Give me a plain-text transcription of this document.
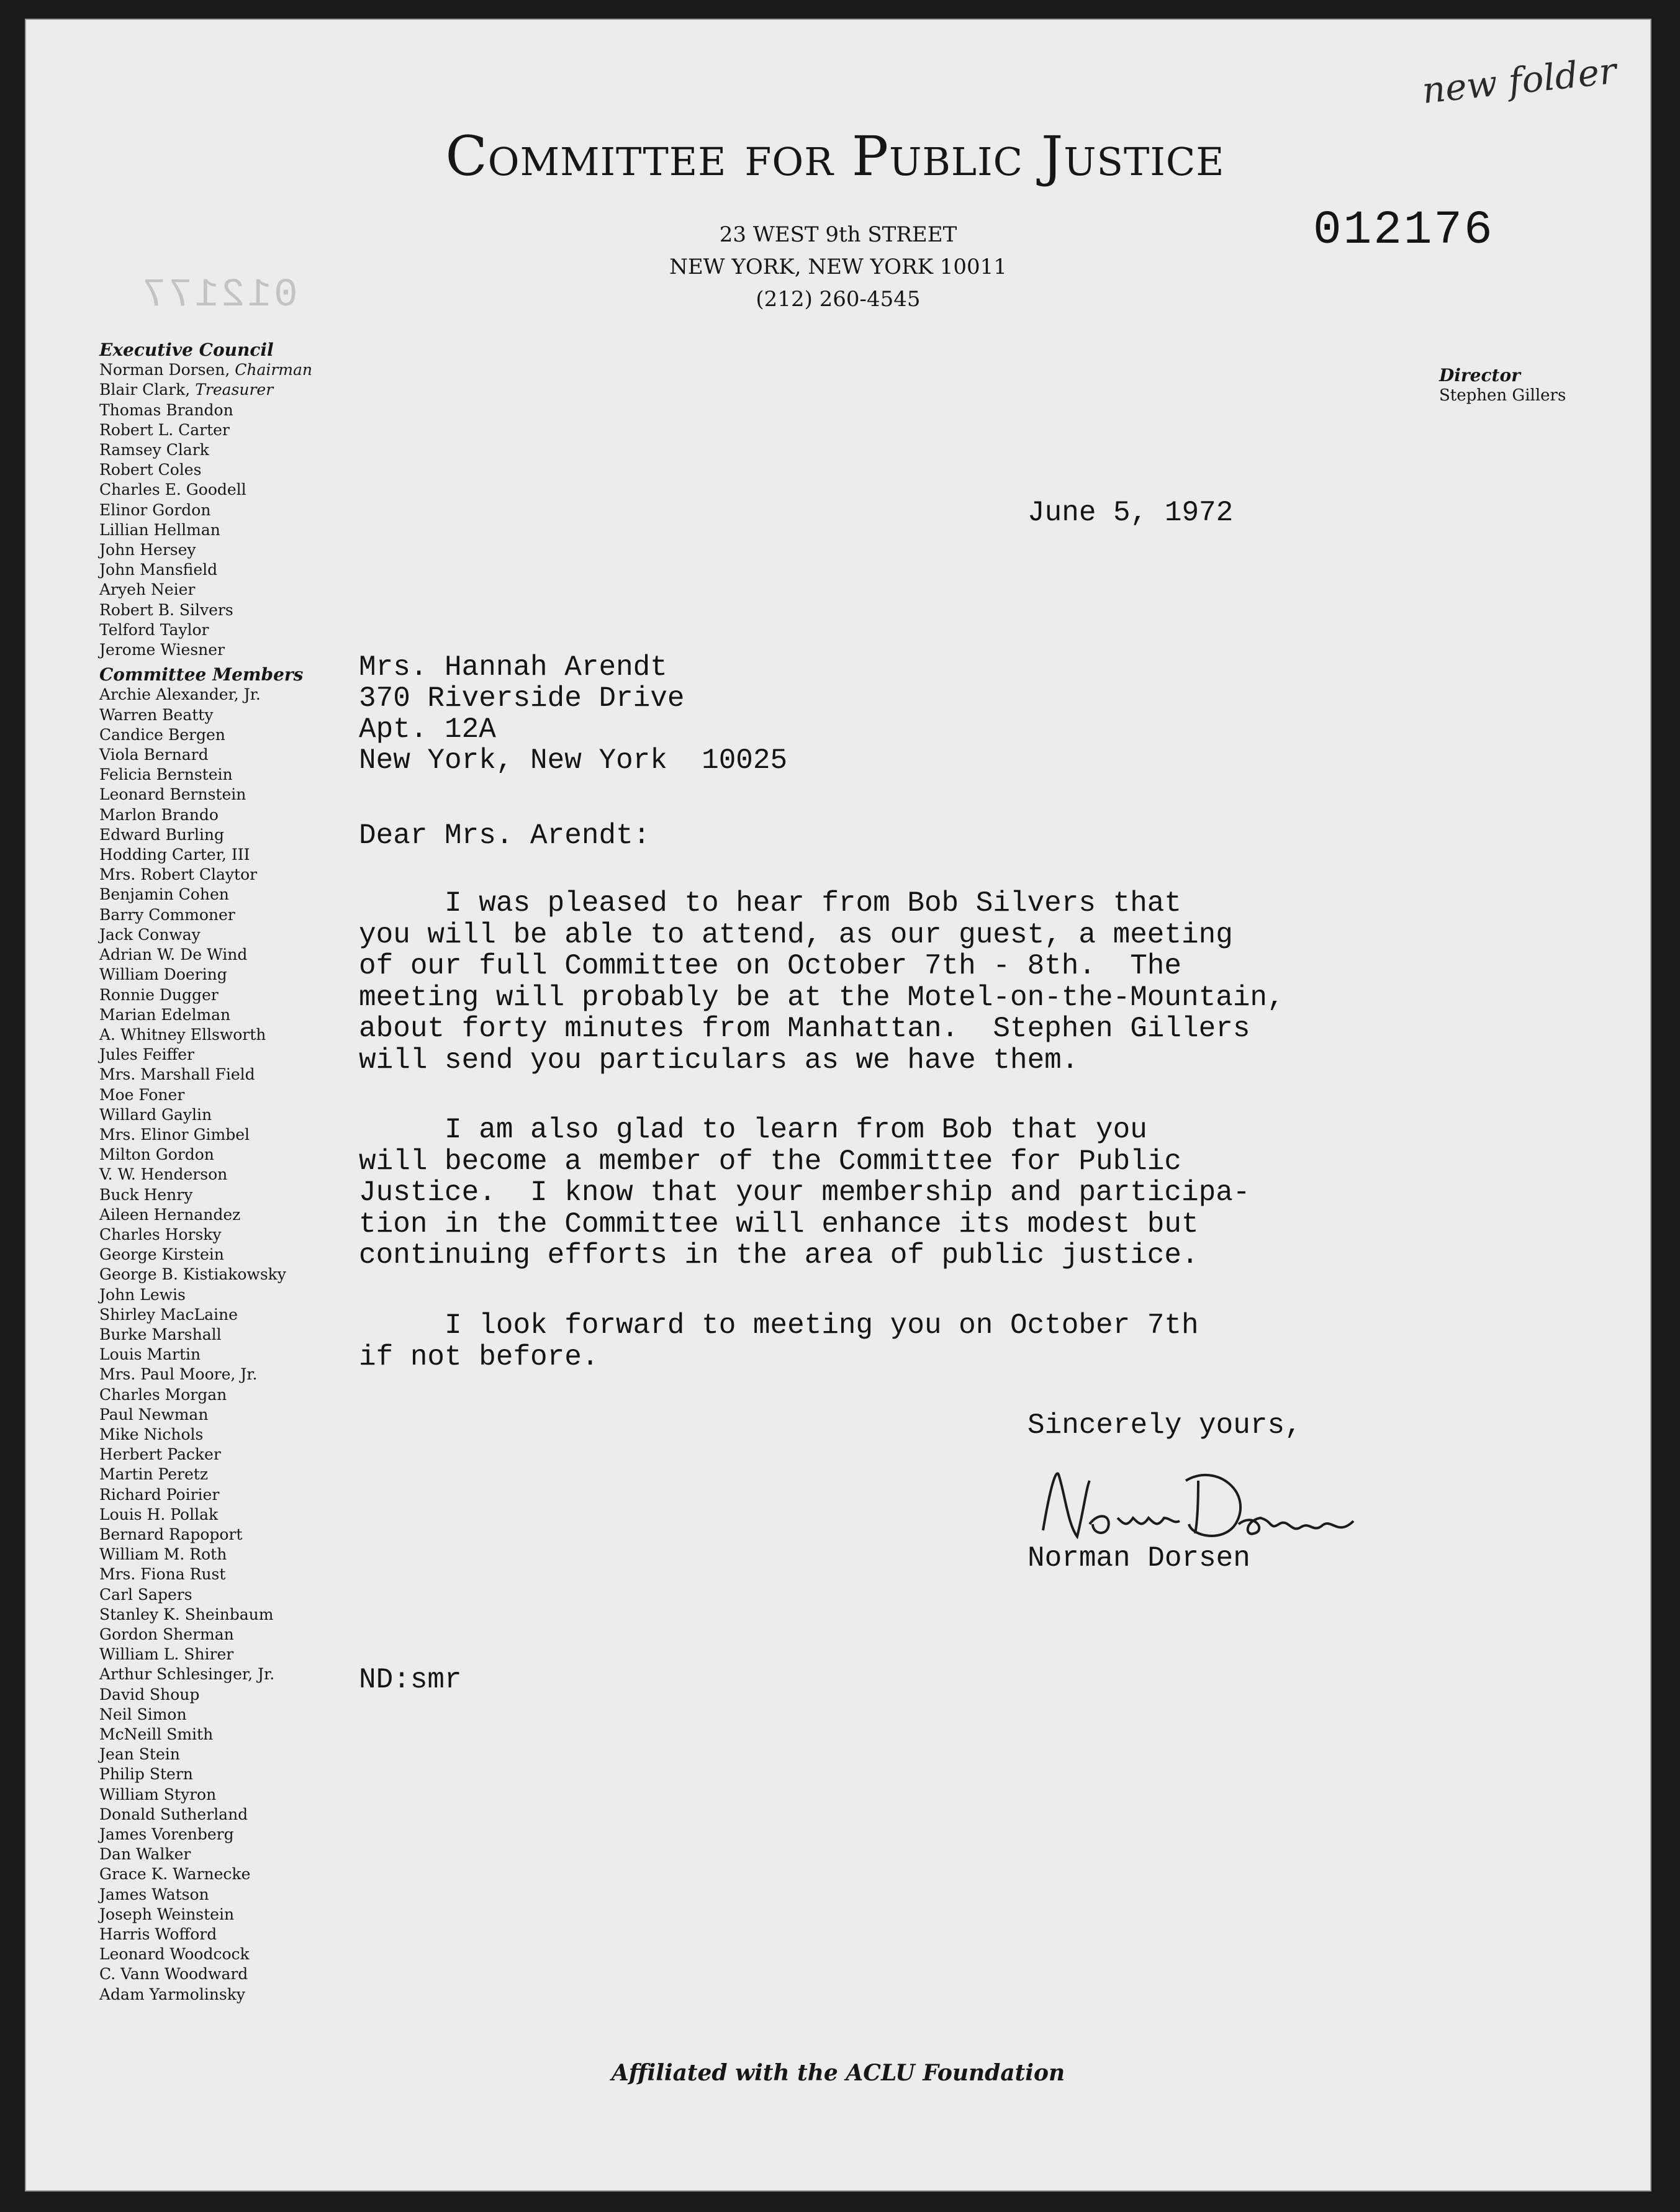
new folder
Committee for Public Justice
23 WEST 9th STREET
NEW YORK, NEW YORK 10011
(212) 260-4545
012176
012177
Director
Stephen Gillers
Executive Council
Norman Dorsen, Chairman
Blair Clark, Treasurer
Thomas Brandon
Robert L. Carter
Ramsey Clark
Robert Coles
Charles E. Goodell
Elinor Gordon
Lillian Hellman
John Hersey
John Mansfield
Aryeh Neier
Robert B. Silvers
Telford Taylor
Jerome Wiesner
Committee Members
Archie Alexander, Jr.
Warren Beatty
Candice Bergen
Viola Bernard
Felicia Bernstein
Leonard Bernstein
Marlon Brando
Edward Burling
Hodding Carter, III
Mrs. Robert Claytor
Benjamin Cohen
Barry Commoner
Jack Conway
Adrian W. De Wind
William Doering
Ronnie Dugger
Marian Edelman
A. Whitney Ellsworth
Jules Feiffer
Mrs. Marshall Field
Moe Foner
Willard Gaylin
Mrs. Elinor Gimbel
Milton Gordon
V. W. Henderson
Buck Henry
Aileen Hernandez
Charles Horsky
George Kirstein
George B. Kistiakowsky
John Lewis
Shirley MacLaine
Burke Marshall
Louis Martin
Mrs. Paul Moore, Jr.
Charles Morgan
Paul Newman
Mike Nichols
Herbert Packer
Martin Peretz
Richard Poirier
Louis H. Pollak
Bernard Rapoport
William M. Roth
Mrs. Fiona Rust
Carl Sapers
Stanley K. Sheinbaum
Gordon Sherman
William L. Shirer
Arthur Schlesinger, Jr.
David Shoup
Neil Simon
McNeill Smith
Jean Stein
Philip Stern
William Styron
Donald Sutherland
James Vorenberg
Dan Walker
Grace K. Warnecke
James Watson
Joseph Weinstein
Harris Wofford
Leonard Woodcock
C. Vann Woodward
Adam Yarmolinsky
June 5, 1972
Mrs. Hannah Arendt
370 Riverside Drive
Apt. 12A
New York, New York  10025
Dear Mrs. Arendt:
I was pleased to hear from Bob Silvers that
you will be able to attend, as our guest, a meeting
of our full Committee on October 7th - 8th.  The
meeting will probably be at the Motel-on-the-Mountain,
about forty minutes from Manhattan.  Stephen Gillers
will send you particulars as we have them.
I am also glad to learn from Bob that you
will become a member of the Committee for Public
Justice.  I know that your membership and participa-
tion in the Committee will enhance its modest but
continuing efforts in the area of public justice.
I look forward to meeting you on October 7th
if not before.
Sincerely yours,
Norman Dorsen
ND:smr
Affiliated with the ACLU Foundation
